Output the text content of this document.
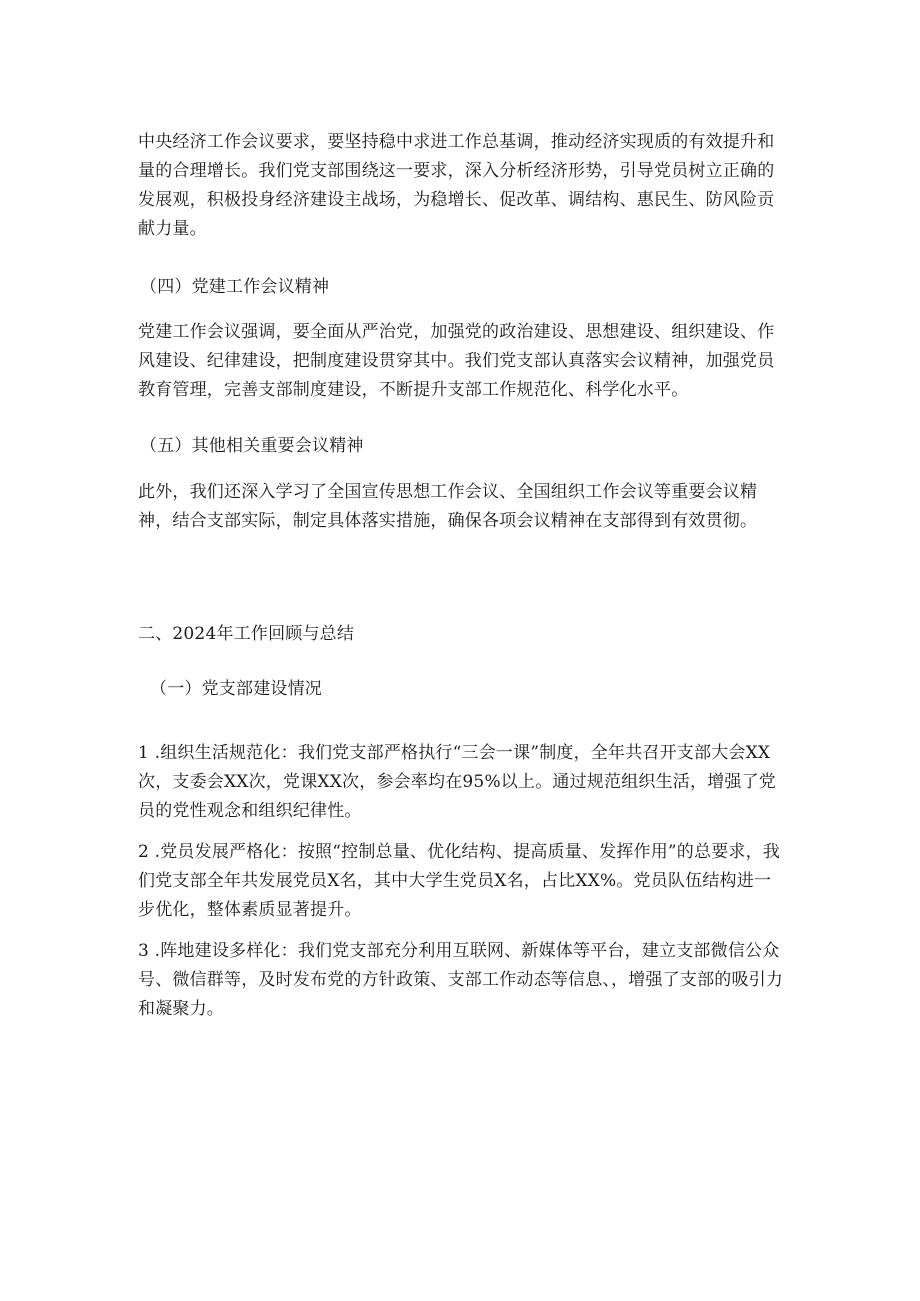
中央经济工作会议要求，要坚持稳中求进工作总基调，推动经济实现质的有效提升和量的合理增长。我们党支部围绕这一要求，深入分析经济形势，引导党员树立正确的发展观，积极投身经济建设主战场，为稳增长、促改革、调结构、惠民生、防风险贡献力量。
（四）党建工作会议精神
党建工作会议强调，要全面从严治党，加强党的政治建设、思想建设、组织建设、作风建设、纪律建设，把制度建设贯穿其中。我们党支部认真落实会议精神，加强党员教育管理，完善支部制度建设，不断提升支部工作规范化、科学化水平。
（五）其他相关重要会议精神
此外，我们还深入学习了全国宣传思想工作会议、全国组织工作会议等重要会议精神，结合支部实际，制定具体落实措施，确保各项会议精神在支部得到有效贯彻。
二、2024年工作回顾与总结
（一）党支部建设情况
1 .组织生活规范化：我们党支部严格执行“三会一课”制度，全年共召开支部大会XX次，支委会XX次，党课XX次，参会率均在95%以上。通过规范组织生活，增强了党员的党性观念和组织纪律性。
2 .党员发展严格化：按照“控制总量、优化结构、提高质量、发挥作用”的总要求，我们党支部全年共发展党员X名，其中大学生党员X名，占比XX%。党员队伍结构进一步优化，整体素质显著提升。
3 .阵地建设多样化：我们党支部充分利用互联网、新媒体等平台，建立支部微信公众号、微信群等，及时发布党的方针政策、支部工作动态等信息、，增强了支部的吸引力和凝聚力。
